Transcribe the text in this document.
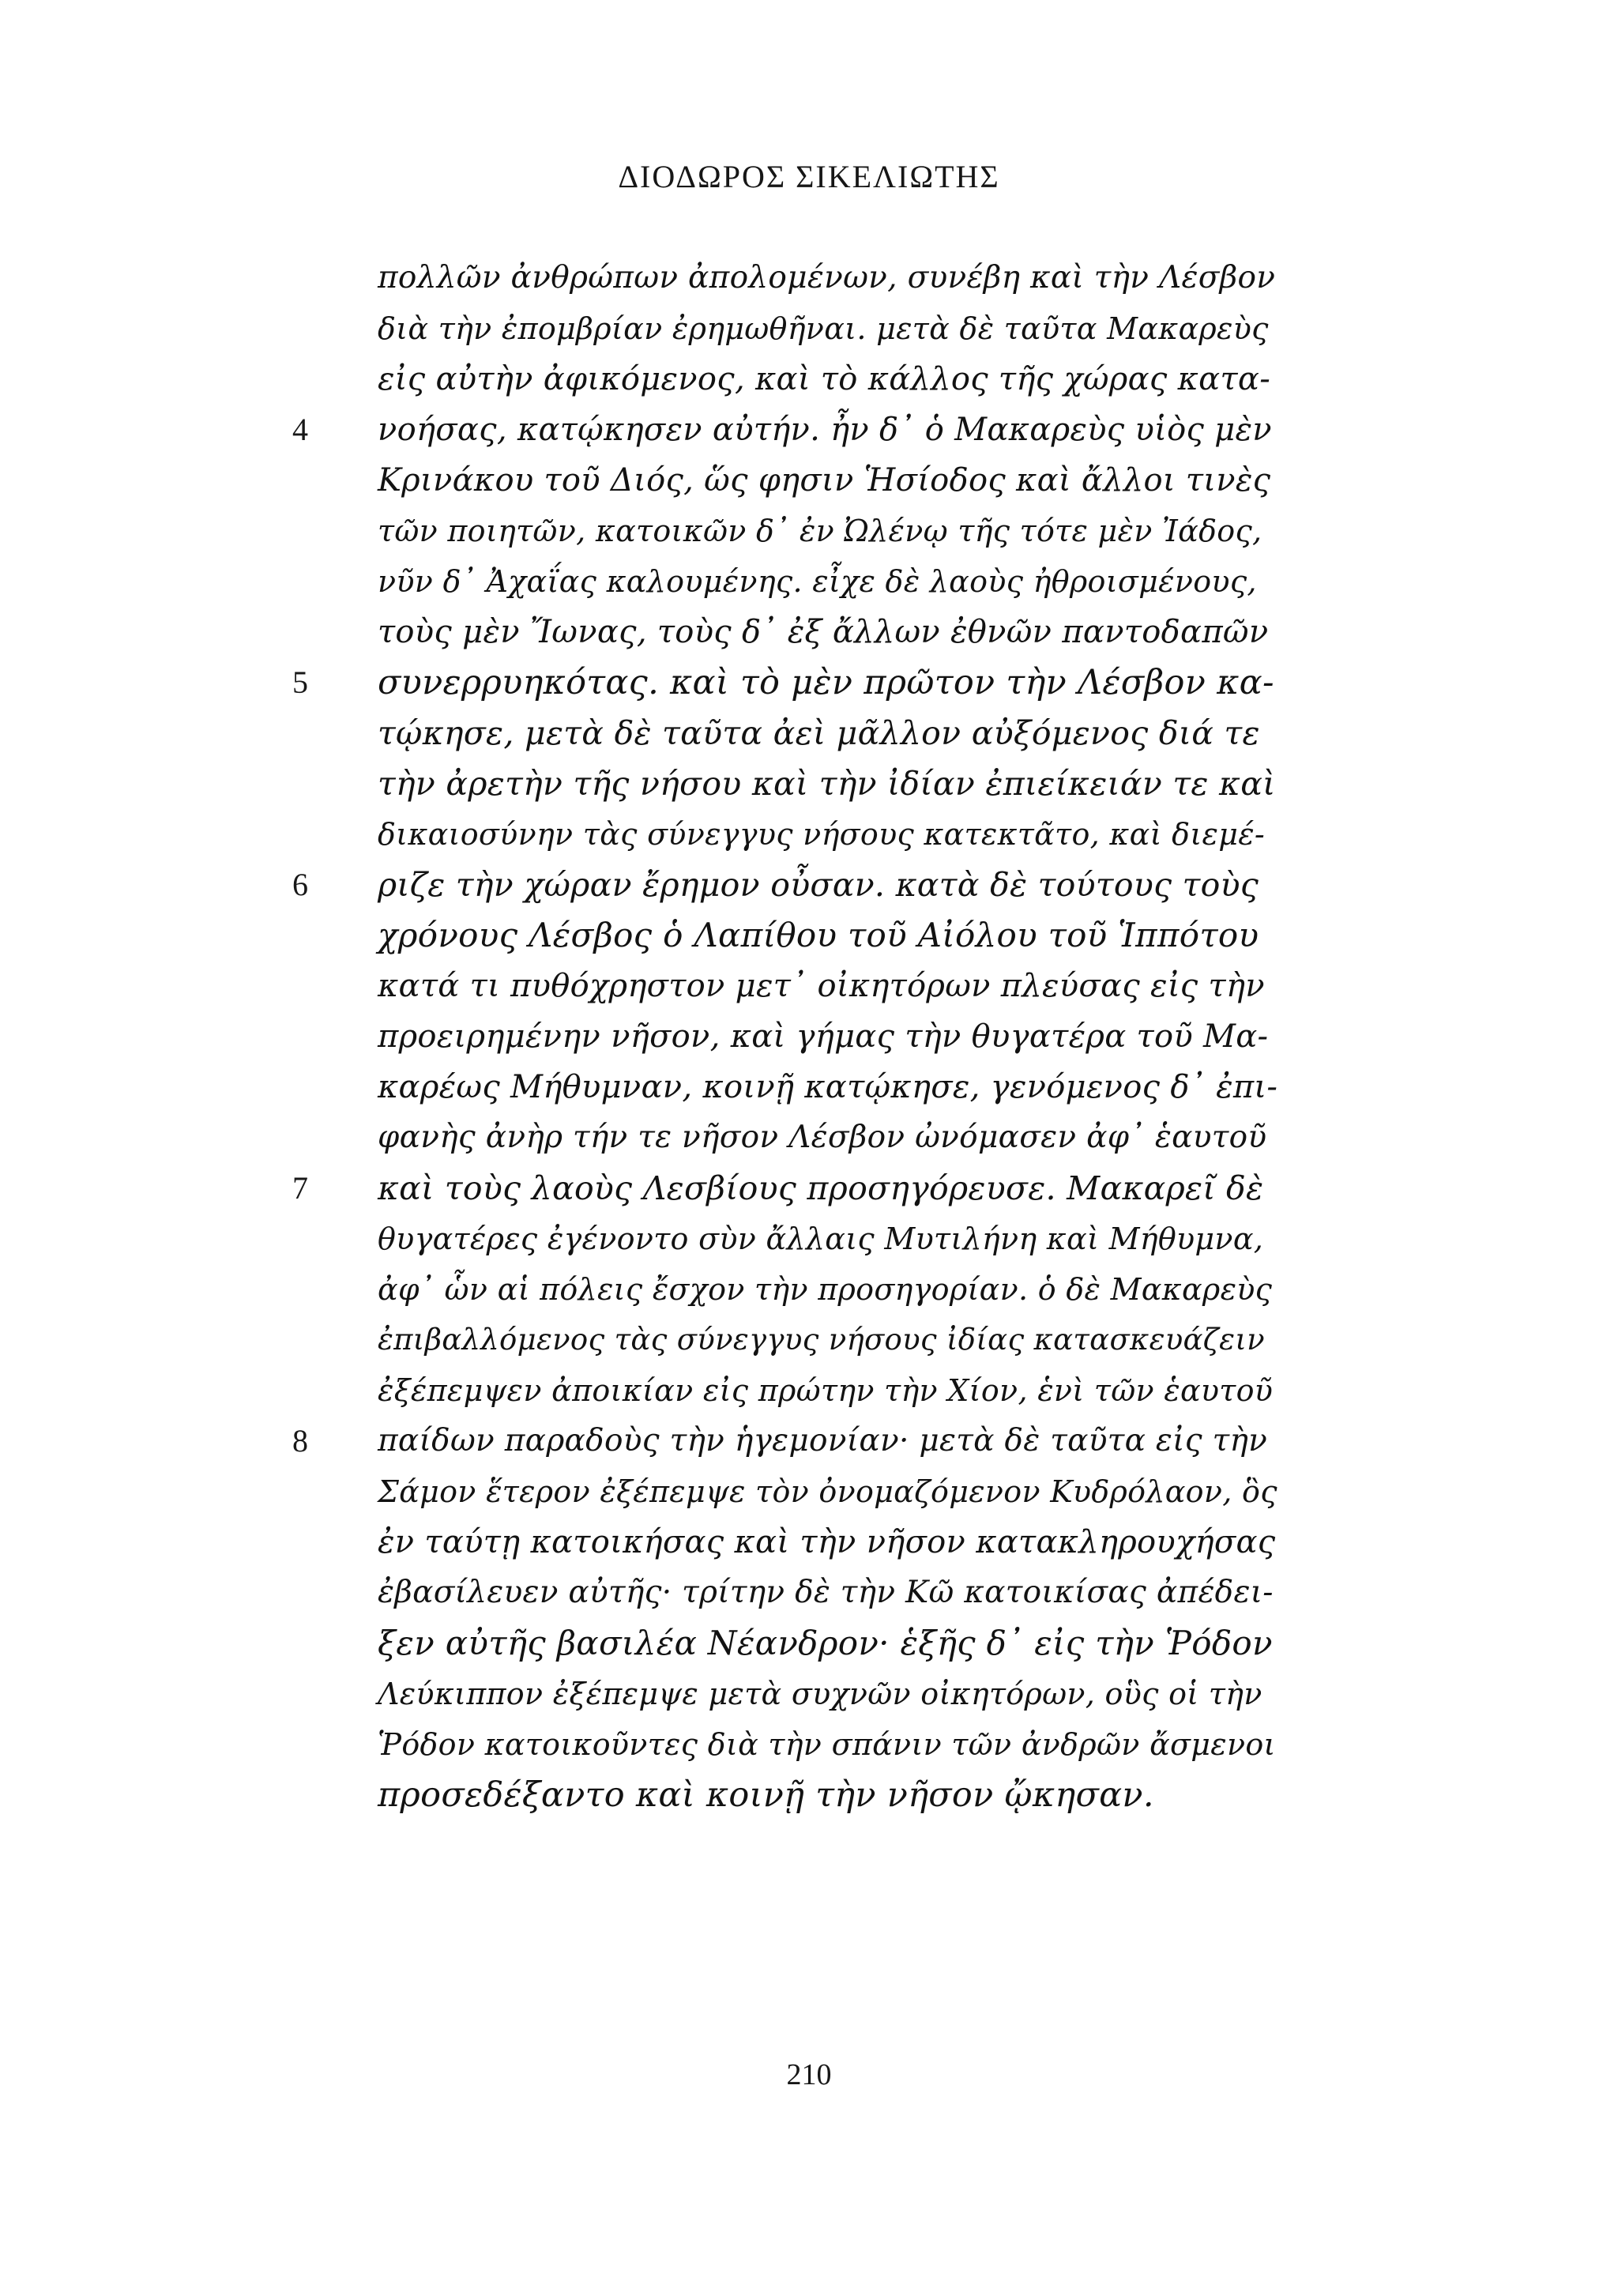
ΔΙΟΔΩΡΟΣ ΣΙΚΕΛΙΩΤΗΣ
πολλῶν ἀνθρώπων ἀπολομένων, συνέβη καὶ τὴν Λέσβον
διὰ τὴν ἐπομβρίαν ἐρημωθῆναι. μετὰ δὲ ταῦτα Μακαρεὺς
εἰς αὐτὴν ἀφικόμενος, καὶ τὸ κάλλος τῆς χώρας κατα-
4	νοήσας, κατῴκησεν αὐτήν. ἦν δ᾽ ὁ Μακαρεὺς υἱὸς μὲν
Κρινάκου τοῦ Διός, ὥς φησιν Ἡσίοδος καὶ ἄλλοι τινὲς
τῶν ποιητῶν, κατοικῶν δ᾽ ἐν Ὠλένῳ τῆς τότε μὲν Ἰάδος,
νῦν δ᾽ Ἀχαΐας καλουμένης. εἶχε δὲ λαοὺς ἠθροισμένους,
τοὺς μὲν Ἴωνας, τοὺς δ᾽ ἐξ ἄλλων ἐθνῶν παντοδαπῶν
5	συνερρυηκότας. καὶ τὸ μὲν πρῶτον τὴν Λέσβον κα-
τῴκησε, μετὰ δὲ ταῦτα ἀεὶ μᾶλλον αὐξόμενος διά τε
τὴν ἀρετὴν τῆς νήσου καὶ τὴν ἰδίαν ἐπιείκειάν τε καὶ
δικαιοσύνην τὰς σύνεγγυς νήσους κατεκτᾶτο, καὶ διεμέ-
6	ριζε τὴν χώραν ἔρημον οὖσαν. κατὰ δὲ τούτους τοὺς
χρόνους Λέσβος ὁ Λαπίθου τοῦ Αἰόλου τοῦ Ἱππότου
κατά τι πυθόχρηστον μετ᾽ οἰκητόρων πλεύσας εἰς τὴν
προειρημένην νῆσον, καὶ γήμας τὴν θυγατέρα τοῦ Μα-
καρέως Μήθυμναν, κοινῇ κατῴκησε, γενόμενος δ᾽ ἐπι-
φανὴς ἀνὴρ τήν τε νῆσον Λέσβον ὠνόμασεν ἀφ᾽ ἑαυτοῦ
7	καὶ τοὺς λαοὺς Λεσβίους προσηγόρευσε. Μακαρεῖ δὲ
θυγατέρες ἐγένοντο σὺν ἄλλαις Μυτιλήνη καὶ Μήθυμνα,
ἀφ᾽ ὧν αἱ πόλεις ἔσχον τὴν προσηγορίαν. ὁ δὲ Μακαρεὺς
ἐπιβαλλόμενος τὰς σύνεγγυς νήσους ἰδίας κατασκευάζειν
ἐξέπεμψεν ἀποικίαν εἰς πρώτην τὴν Χίον, ἑνὶ τῶν ἑαυτοῦ
8	παίδων παραδοὺς τὴν ἡγεμονίαν· μετὰ δὲ ταῦτα εἰς τὴν
Σάμον ἕτερον ἐξέπεμψε τὸν ὀνομαζόμενον Κυδρόλαον, ὃς
ἐν ταύτῃ κατοικήσας καὶ τὴν νῆσον κατακληρουχήσας
ἐβασίλευεν αὐτῆς· τρίτην δὲ τὴν Κῶ κατοικίσας ἀπέδει-
ξεν αὐτῆς βασιλέα Νέανδρον· ἑξῆς δ᾽ εἰς τὴν Ῥόδον
Λεύκιππον ἐξέπεμψε μετὰ συχνῶν οἰκητόρων, οὓς οἱ τὴν
Ῥόδον κατοικοῦντες διὰ τὴν σπάνιν τῶν ἀνδρῶν ἄσμενοι
προσεδέξαντο καὶ κοινῇ τὴν νῆσον ᾤκησαν.
210
